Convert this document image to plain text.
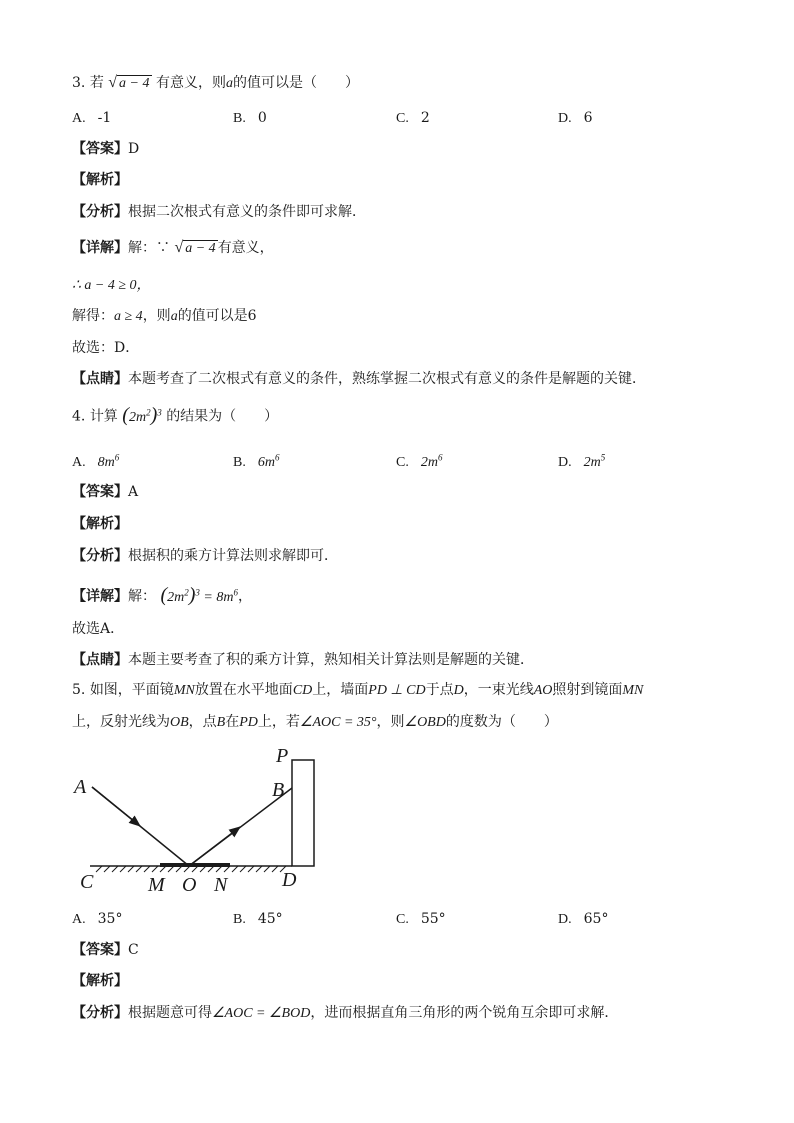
3. 若 √ a − 4 有意义，则a的值可以是（　　）
A. -1	B. 0	C. 2	D. 6
【答案】D
【解析】
【分析】根据二次根式有意义的条件即可求解．
【详解】解：∵ √ a − 4 有意义，
∴ a − 4 ≥ 0，
解得：a ≥ 4，则a的值可以是6
故选：D．
【点睛】本题考查了二次根式有意义的条件，熟练掌握二次根式有意义的条件是解题的关键．
4. 计算 $(2m^2)^3$ 的结果为（　　）
A. $8m^6$	B. $6m^6$	C. $2m^6$	D. $2m^5$
【答案】A
【解析】
【分析】根据积的乘方计算法则求解即可．
【详解】解： $(2m^2)^3 = 8m^6$，
故选A．
【点睛】本题主要考查了积的乘方计算，熟知相关计算法则是解题的关键．
5. 如图，平面镜MN放置在水平地面CD上，墙面PD ⊥ CD于点D，一束光线AO照射到镜面MN
上，反射光线为OB，点B在PD上，若∠AOC = 35°，则∠OBD的度数为（　　）
A
P
B
C	M O N	D
A. 35°	B. 45°	C. 55°	D. 65°
【答案】C
【解析】
【分析】根据题意可得∠AOC = ∠BOD，进而根据直角三角形的两个锐角互余即可求解．
